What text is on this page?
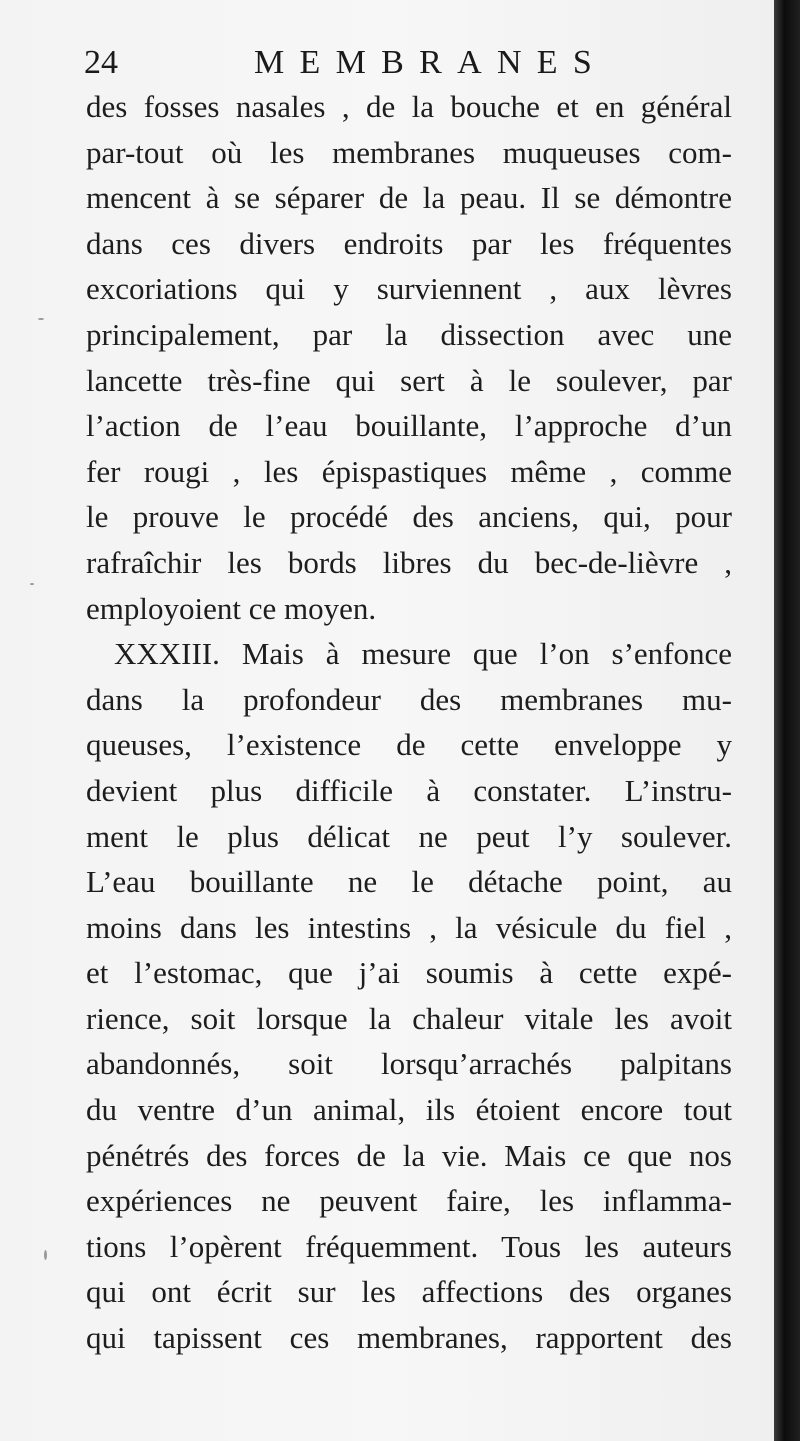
24	MEMBRANES
des fosses nasales , de la bouche et en général
par-tout où les membranes muqueuses com-
mencent à se séparer de la peau. Il se démontre
dans ces divers endroits par les fréquentes
excoriations qui y surviennent , aux lèvres
principalement, par la dissection avec une
lancette très-fine qui sert à le soulever, par
l’action de l’eau bouillante, l’approche d’un
fer rougi , les épispastiques même , comme
le prouve le procédé des anciens, qui, pour
rafraîchir les bords libres du bec-de-lièvre ,
employoient ce moyen.
XXXIII. Mais à mesure que l’on s’enfonce
dans la profondeur des membranes mu-
queuses, l’existence de cette enveloppe y
devient plus difficile à constater. L’instru-
ment le plus délicat ne peut l’y soulever.
L’eau bouillante ne le détache point, au
moins dans les intestins , la vésicule du fiel ,
et l’estomac, que j’ai soumis à cette expé-
rience, soit lorsque la chaleur vitale les avoit
abandonnés, soit lorsqu’arrachés palpitans
du ventre d’un animal, ils étoient encore tout
pénétrés des forces de la vie. Mais ce que nos
expériences ne peuvent faire, les inflamma-
tions l’opèrent fréquemment. Tous les auteurs
qui ont écrit sur les affections des organes
qui tapissent ces membranes, rapportent des
